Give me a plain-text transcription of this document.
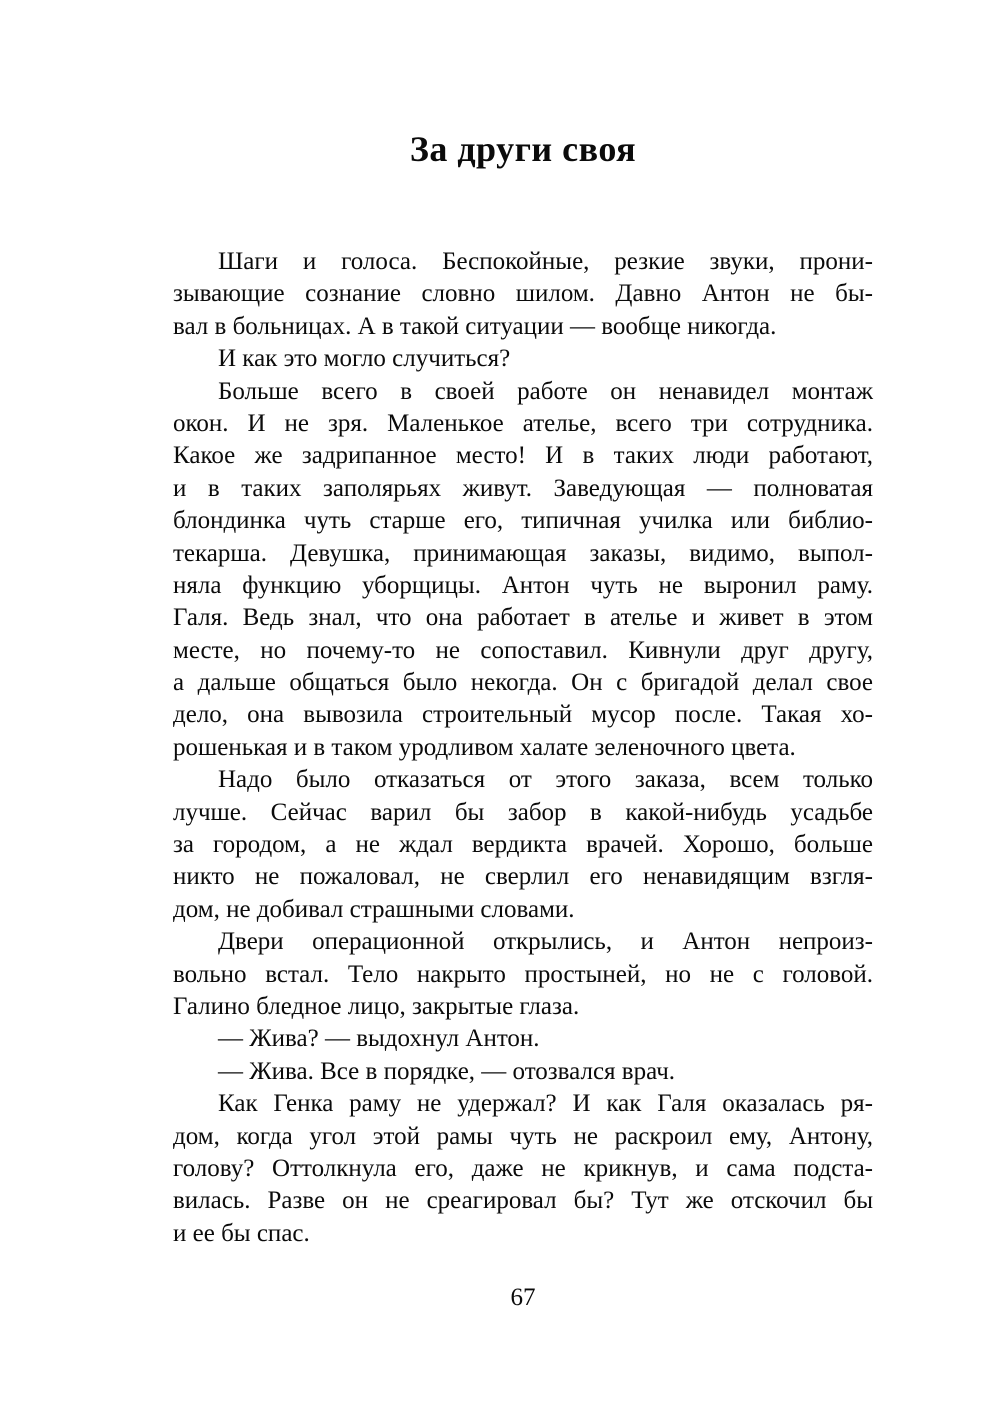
За други своя

Шаги и голоса. Беспокойные, резкие звуки, прони-
зывающие сознание словно шилом. Давно Антон не бы-
вал в больницах. А в такой ситуации — вообще никогда.

И как это могло случиться?

Больше всего в своей работе он ненавидел монтаж
окон. И не зря. Маленькое ателье, всего три сотрудника.
Какое же задрипанное место! И в таких люди работают,
и в таких заполярьях живут. Заведующая — полноватая
блондинка чуть старше его, типичная училка или библио-
текарша. Девушка, принимающая заказы, видимо, выпол-
няла функцию уборщицы. Антон чуть не выронил раму.
Галя. Ведь знал, что она работает в ателье и живет в этом
месте, но почему-то не сопоставил. Кивнули друг другу,
а дальше общаться было некогда. Он с бригадой делал свое
дело, она вывозила строительный мусор после. Такая хо-
рошенькая и в таком уродливом халате зеленочного цвета.

Надо было отказаться от этого заказа, всем только
лучше. Сейчас варил бы забор в какой-нибудь усадьбе
за городом, а не ждал вердикта врачей. Хорошо, больше
никто не пожаловал, не сверлил его ненавидящим взгля-
дом, не добивал страшными словами.

Двери операционной открылись, и Антон непроиз-
вольно встал. Тело накрыто простыней, но не с головой.
Галино бледное лицо, закрытые глаза.

— Жива? — выдохнул Антон.

— Жива. Все в порядке, — отозвался врач.

Как Генка раму не удержал? И как Галя оказалась ря-
дом, когда угол этой рамы чуть не раскроил ему, Антону,
голову? Оттолкнула его, даже не крикнув, и сама подста-
вилась. Разве он не среагировал бы? Тут же отскочил бы
и ее бы спас.

67
